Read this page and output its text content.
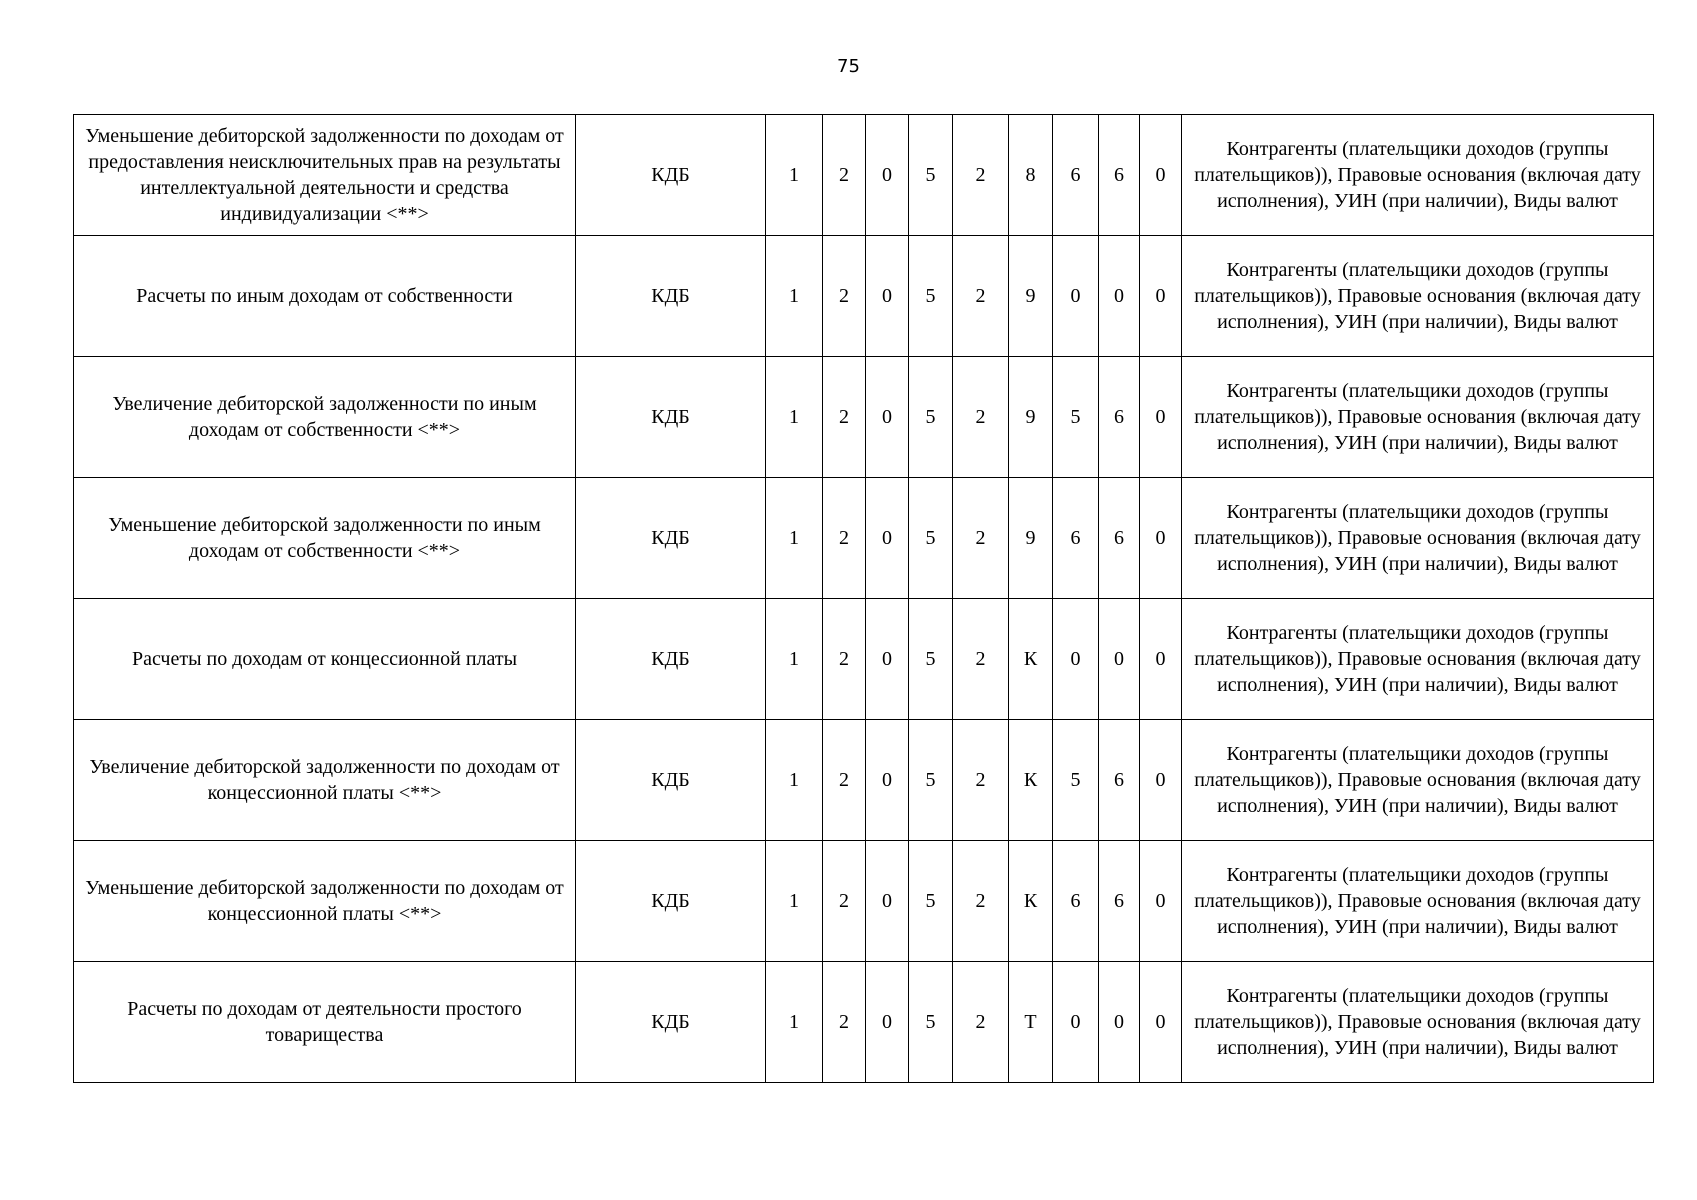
75
Уменьшение дебиторской задолженности по доходам от предоставления неисключительных прав на результаты интеллектуальной деятельности и средства индивидуализации <**>	КДБ	1	2	0	5	2	8	6	6	0	Контрагенты (плательщики доходов (группы плательщиков)), Правовые основания (включая дату исполнения), УИН (при наличии), Виды валют
Расчеты по иным доходам от собственности	КДБ	1	2	0	5	2	9	0	0	0	Контрагенты (плательщики доходов (группы плательщиков)), Правовые основания (включая дату исполнения), УИН (при наличии), Виды валют
Увеличение дебиторской задолженности по иным доходам от собственности <**>	КДБ	1	2	0	5	2	9	5	6	0	Контрагенты (плательщики доходов (группы плательщиков)), Правовые основания (включая дату исполнения), УИН (при наличии), Виды валют
Уменьшение дебиторской задолженности по иным доходам от собственности <**>	КДБ	1	2	0	5	2	9	6	6	0	Контрагенты (плательщики доходов (группы плательщиков)), Правовые основания (включая дату исполнения), УИН (при наличии), Виды валют
Расчеты по доходам от концессионной платы	КДБ	1	2	0	5	2	К	0	0	0	Контрагенты (плательщики доходов (группы плательщиков)), Правовые основания (включая дату исполнения), УИН (при наличии), Виды валют
Увеличение дебиторской задолженности по доходам от концессионной платы <**>	КДБ	1	2	0	5	2	К	5	6	0	Контрагенты (плательщики доходов (группы плательщиков)), Правовые основания (включая дату исполнения), УИН (при наличии), Виды валют
Уменьшение дебиторской задолженности по доходам от концессионной платы <**>	КДБ	1	2	0	5	2	К	6	6	0	Контрагенты (плательщики доходов (группы плательщиков)), Правовые основания (включая дату исполнения), УИН (при наличии), Виды валют
Расчеты по доходам от деятельности простого товарищества	КДБ	1	2	0	5	2	Т	0	0	0	Контрагенты (плательщики доходов (группы плательщиков)), Правовые основания (включая дату исполнения), УИН (при наличии), Виды валют
